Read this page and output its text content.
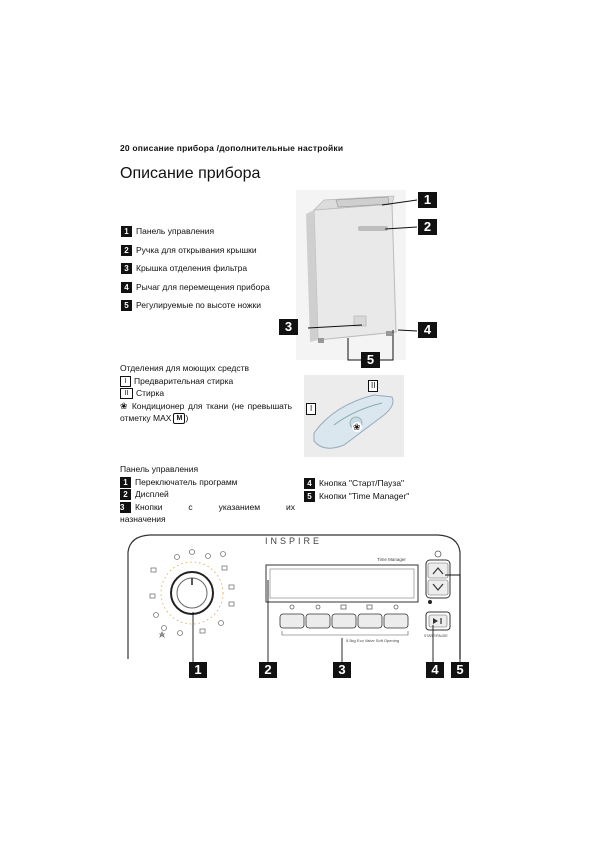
20 описание прибора /дополнительные настройки
Описание прибора
1 Панель управления
2 Ручка для открывания крышки
3 Крышка отделения фильтра
4 Рычаг для перемещения прибора
5 Регулируемые по высоте ножки
1
2
3	4
5
Отделения для моющих средств
I Предварительная стирка
II Стирка
❀ Кондиционер для ткани (не превышать отметку MAX M )
II
I
❀
Панель управления
1 Переключатель программ
2 Дисплей
3 Кнопки с указанием их назначения
4 Кнопка "Старт/Пауза"
5 Кнопки "Time Manager"
INSPIRE
Time Manager
5.5kg Eco Valve Soft Opening
START/PAUSE
1	2	3	4	5
